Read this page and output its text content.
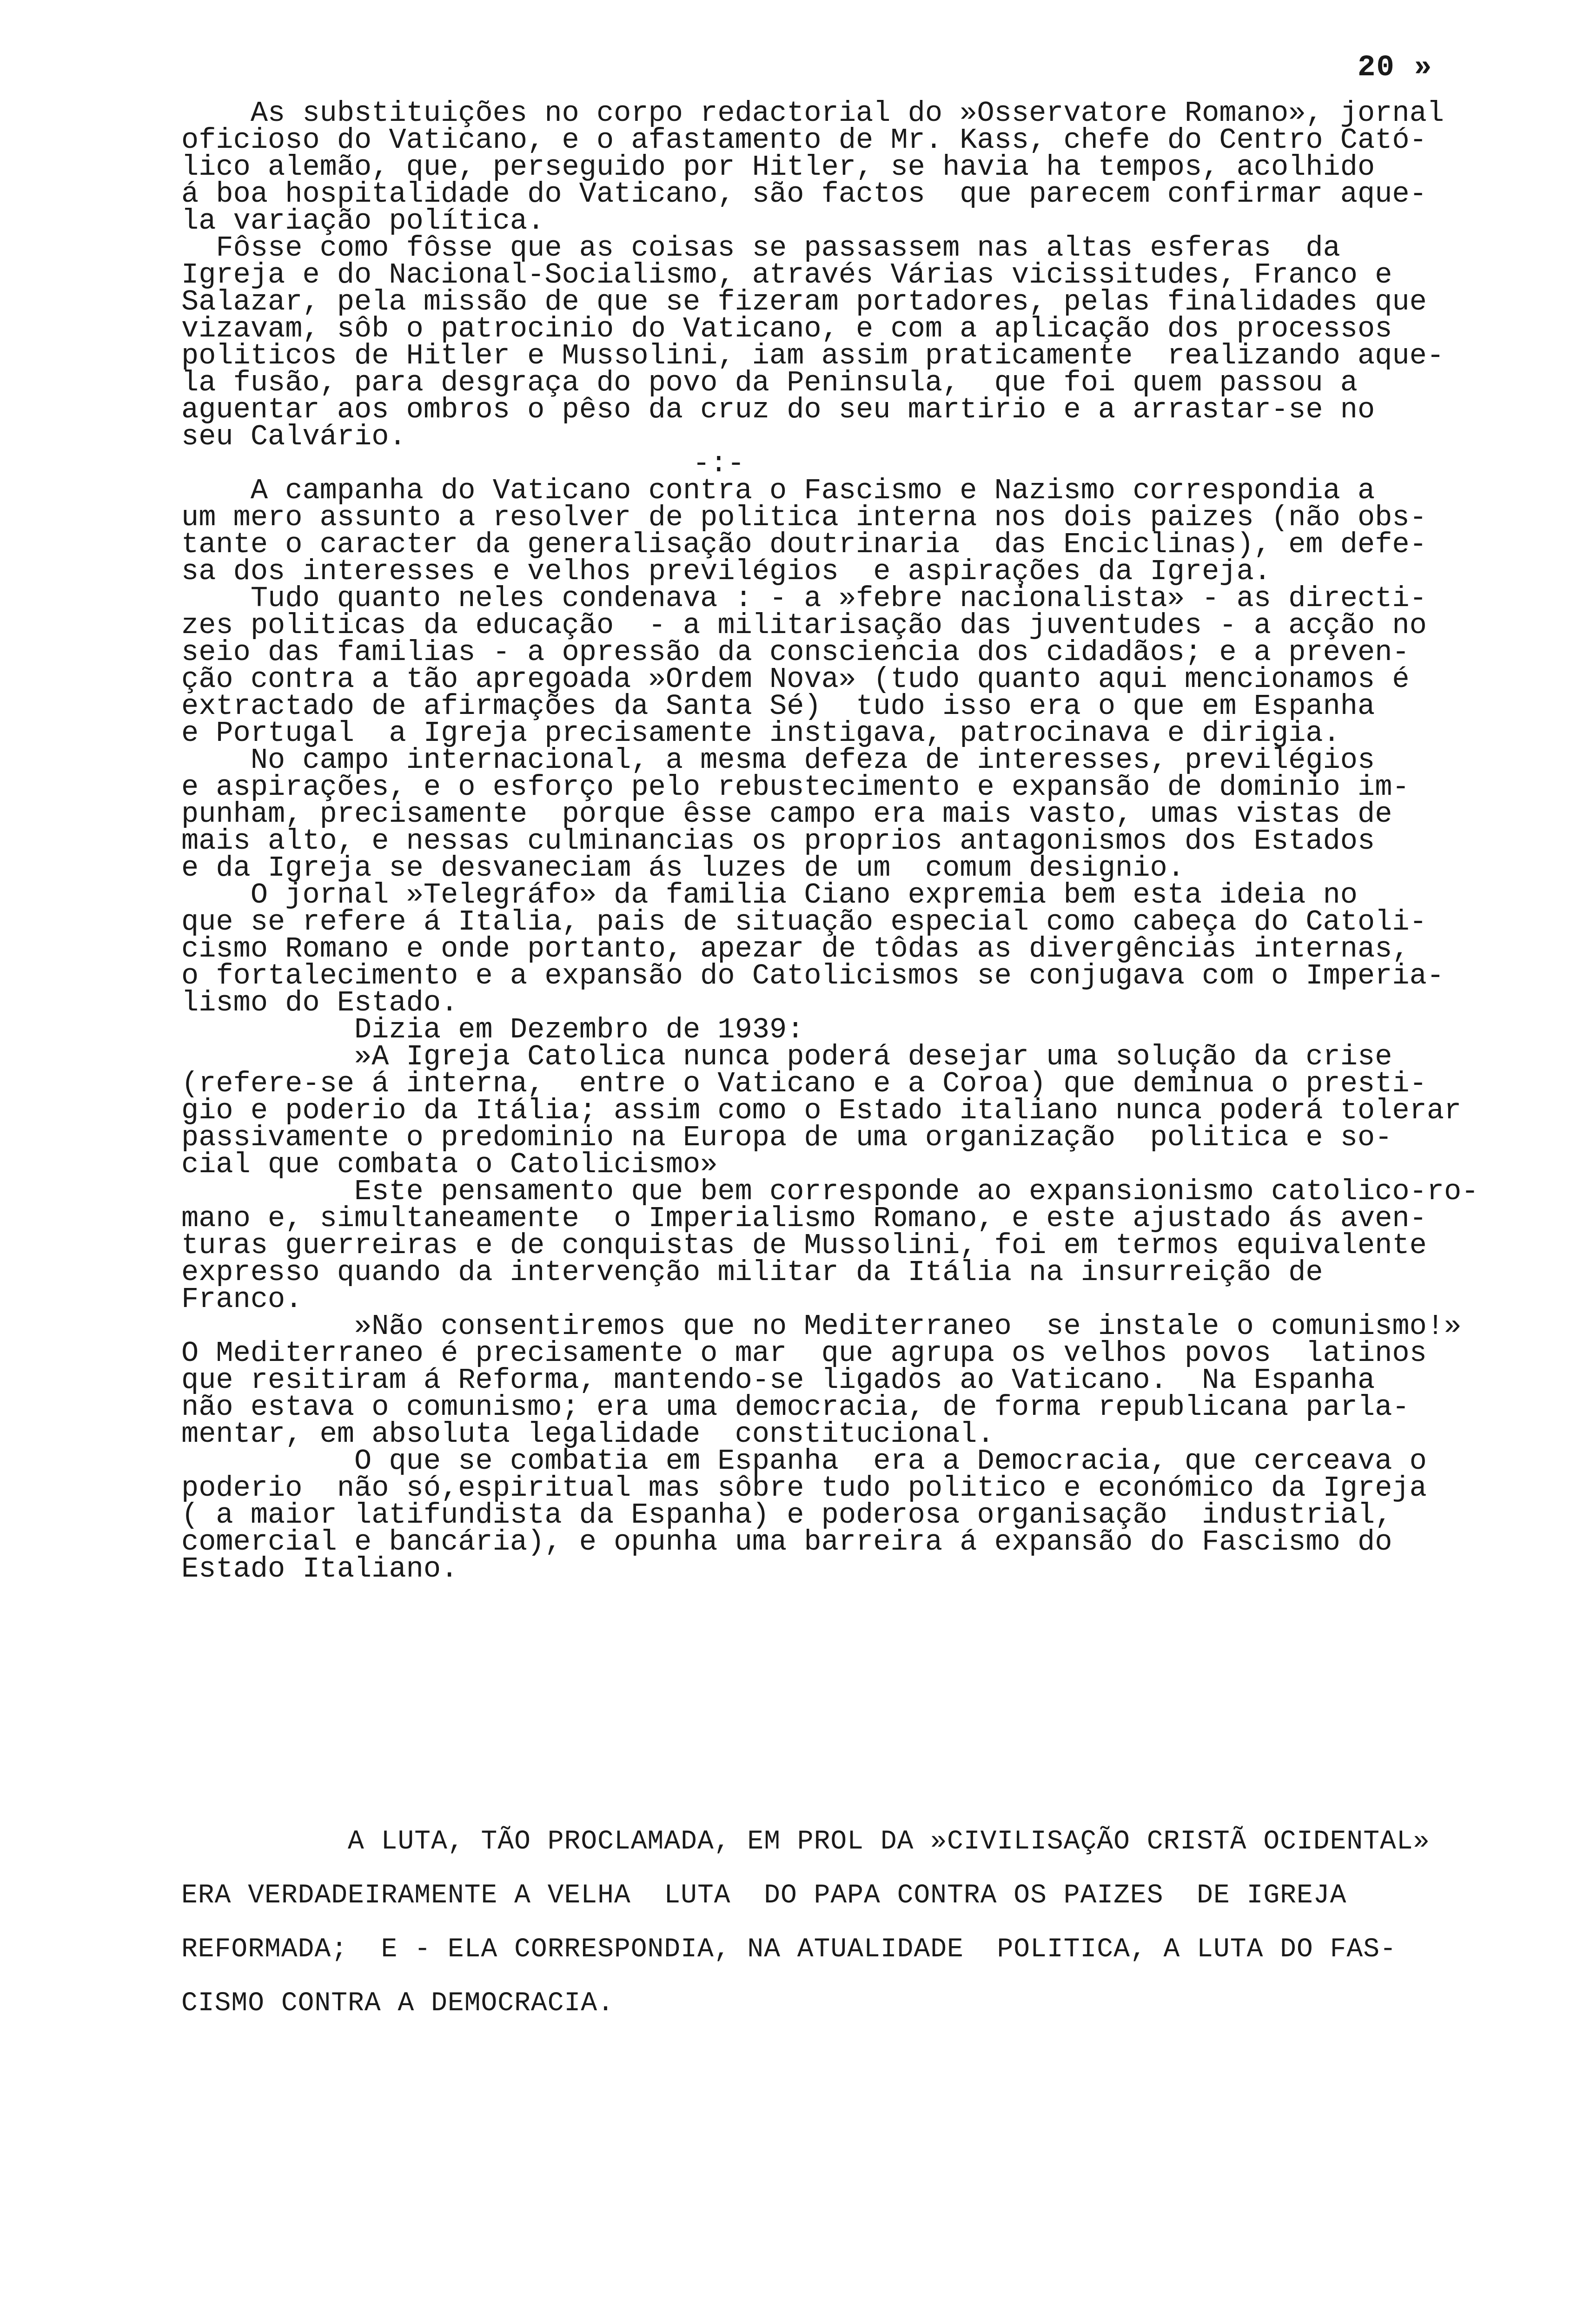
20 »
As substituições no corpo redactorial do »Osservatore Romano», jornal
oficioso do Vaticano, e o afastamento de Mr. Kass, chefe do Centro Cató-
lico alemão, que, perseguido por Hitler, se havia ha tempos, acolhido
á boa hospitalidade do Vaticano, são factos  que parecem confirmar aque-
la variação política.
Fôsse como fôsse que as coisas se passassem nas altas esferas  da
Igreja e do Nacional-Socialismo, através Várias vicissitudes, Franco e
Salazar, pela missão de que se fizeram portadores, pelas finalidades que
vizavam, sôb o patrocinio do Vaticano, e com a aplicação dos processos
politicos de Hitler e Mussolini, iam assim praticamente  realizando aque-
la fusão, para desgraça do povo da Peninsula,  que foi quem passou a
aguentar aos ombros o pêso da cruz do seu martirio e a arrastar-se no
seu Calvário.
-:-
A campanha do Vaticano contra o Fascismo e Nazismo correspondia a
um mero assunto a resolver de politica interna nos dois paizes (não obs-
tante o caracter da generalisação doutrinaria  das Enciclinas), em defe-
sa dos interesses e velhos previlégios  e aspirações da Igreja.
Tudo quanto neles condenava : - a »febre nacionalista» - as directi-
zes politicas da educação  - a militarisação das juventudes - a acção no
seio das familias - a opressão da consciencia dos cidadãos; e a preven-
ção contra a tão apregoada »Ordem Nova» (tudo quanto aqui mencionamos é
extractado de afirmações da Santa Sé)  tudo isso era o que em Espanha
e Portugal  a Igreja precisamente instigava, patrocinava e dirigia.
No campo internacional, a mesma defeza de interesses, previlégios
e aspirações, e o esforço pelo rebustecimento e expansão de dominio im-
punham, precisamente  porque êsse campo era mais vasto, umas vistas de
mais alto, e nessas culminancias os proprios antagonismos dos Estados
e da Igreja se desvaneciam ás luzes de um  comum designio.
O jornal »Telegráfo» da familia Ciano expremia bem esta ideia no
que se refere á Italia, pais de situação especial como cabeça do Catoli-
cismo Romano e onde portanto, apezar de tôdas as divergências internas,
o fortalecimento e a expansão do Catolicismos se conjugava com o Imperia-
lismo do Estado.
Dizia em Dezembro de 1939:
»A Igreja Catolica nunca poderá desejar uma solução da crise
(refere-se á interna,  entre o Vaticano e a Coroa) que deminua o presti-
gio e poderio da Itália; assim como o Estado italiano nunca poderá tolerar
passivamente o predominio na Europa de uma organização  politica e so-
cial que combata o Catolicismo»
Este pensamento que bem corresponde ao expansionismo catolico-ro-
mano e, simultaneamente  o Imperialismo Romano, e este ajustado ás aven-
turas guerreiras e de conquistas de Mussolini, foi em termos equivalente
expresso quando da intervenção militar da Itália na insurreição de
Franco.
»Não consentiremos que no Mediterraneo  se instale o comunismo!»
O Mediterraneo é precisamente o mar  que agrupa os velhos povos  latinos
que resitiram á Reforma, mantendo-se ligados ao Vaticano.  Na Espanha
não estava o comunismo; era uma democracia, de forma republicana parla-
mentar, em absoluta legalidade  constitucional.
O que se combatia em Espanha  era a Democracia, que cerceava o
poderio  não só,espiritual mas sôbre tudo politico e económico da Igreja
( a maior latifundista da Espanha) e poderosa organisação  industrial,
comercial e bancária), e opunha uma barreira á expansão do Fascismo do
Estado Italiano.
A LUTA, TÃO PROCLAMADA, EM PROL DA »CIVILISAÇÃO CRISTÃ OCIDENTAL»
ERA VERDADEIRAMENTE A VELHA  LUTA  DO PAPA CONTRA OS PAIZES  DE IGREJA
REFORMADA;  E - ELA CORRESPONDIA, NA ATUALIDADE  POLITICA, A LUTA DO FAS-
CISMO CONTRA A DEMOCRACIA.
